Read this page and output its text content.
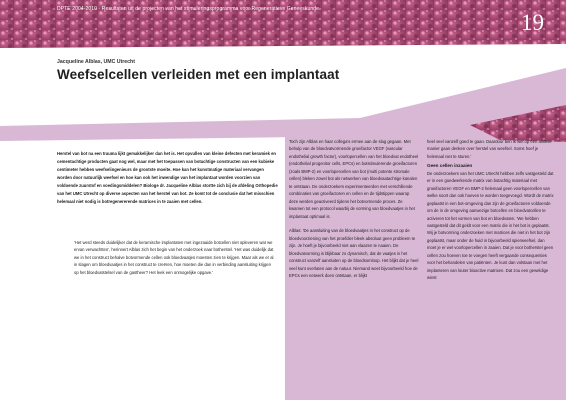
DPTE 2004-2010 · Resultaten uit de projecten van het stimuleringsprogramma voor Regeneratieve Geneeskunde
19
Jacqueline Alblas, UMC Utrecht
Weefselcellen verleiden met een implantaat
Herstel van bot na een trauma lijkt gemakkelijker dan het is. Het opvullen van kleine defecten met keramiek en cementachtige producten gaat nog wel, maar met het toepassen van botachtige constructen van een kubieke centimeter hebben weefselingenieurs de grootste moeite. Hoe kan het kunstmatige materiaal vervangen worden door natuurlijk weefsel en hoe kan ook het inwendige van het implantaat worden voorzien van voldoende zuurstof en voedingsmiddelen? Biologe dr. Jacqueline Alblas stortte zich bij de afdeling Orthopedie van het UMC Utrecht op diverse aspecten van het herstel van bot. Ze komt tot de conclusie dat het misschien helemaal niet nodig is botregenererende matrices in te zaaien met cellen.
'Het werd steeds duidelijker dat de keramische implantaten met ingezaaide botcellen niet opleveren wat we ervan verwachtten', herinnert Alblas zich het begin van het onderzoek naar botherstel. 'Het was duidelijk dat we in het construct behalve botvormende cellen ook bloedvaatjes moesten zien te krijgen. Maar als we er al in slagen om bloedvaatjes in het construct te creëren, hoe moeten die dan in verbinding aansluiting krijgen op het bloedvatstelsel van de gastheer? Het leek een onmogelijke opgave.'

Toch zijn Alblas en haar collega's ermee aan de slag gegaan. Met behulp van de bloedvatvormende groeifactor VEGF (vascular endothelial growth factor), voorlopercellen van het bloedvat endotheel (endothelial progenitor cells, EPCs) en botstimulerende groeifactoren (zoals BMP-2) en voorlopercellen van bot (multi potente stromale cellen) bleken zowel bot als netwerken van bloedvaatachtige kanalen te ontstaan. De onderzoekers experimenteerden met verschillende combinaties van groeifactoren en cellen en de tijdstippen waarop deze werden geactiveerd tijdens het botvormende proces. Ze kwamen tot een protocol waarbij de vorming van bloedvaatjes in het implantaat optimaal is.

Alblas: 'De aansluiting van de bloedvaatjes in het construct op de bloedvoorziening van het proefdier bleek absoluut geen probleem te zijn. Je hoeft je bijvoorbeeld niet aan vlaazen te naaien. De bloedvatvorming is blijkbaar zo dynamisch, dat de vaatjes in het construct vanzelf aansluiten op de bloedsomloop. Het blijkt dat je heel veel kunt overlaten aan de natuur. Niemand weet bijvoorbeeld hoe de EPCs een netwerk doen ontstaan, er blijkt

heel veel vanzelf goed te gaan. Daardoor ben ik wel op een andere manier gaan denken over herstel van weefsel. Soms hoef je helemaal niet te sturen.'

Geen cellen inzaaien

De onderzoekers van het UMC Utrecht hebben zelfs vastgesteld dat er in een goedwerkende matrix van botachtig materiaal met groeifactoren VEGF en BMP-2 helemaal geen voorlopercellen van welke soort dan ook hoeven te worden toegevoegd. Wordt de matrix geplaatst in een bot-omgeving dan zijn de groeifactoren voldoende om de in de omgeving aanwezige botcellen en bloedvatcellen te activeren tot het vormen van bot en bloedvaten. 'We hebben vastgesteld dat dit geldt voor een matrix die in het bot is geplaatst. Wij je botvorming onderzoeken met matrices die niet in het bot zijn geplaatst, maar onder de huid in bijvoorbeeld spierweefsel, dan moet je er wel voorlopercellen in zaaien. Dat je voor botherstel geen cellen zou hoeven toe te voegen heeft vergaande consequenties voor het behandelen van patiënten. Je kunt dan volstaan met het implanteren van louter bioactive matrixen. Dat zou een geweldige winst
